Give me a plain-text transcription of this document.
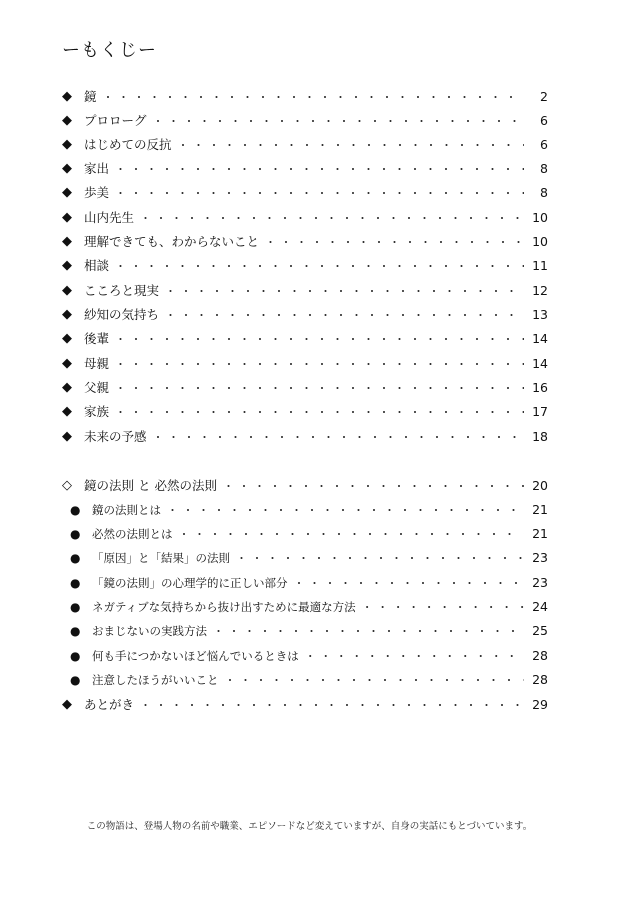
ーもくじー
◆ 鏡 ・・・・・・・・・・・・・・・・・・・・・・・・・・・・・・・・・・・・・・・・・・・・・・・・・・・・・・・・・・・・・・・・	2
◆ プロローグ ・・・・・・・・・・・・・・・・・・・・・・・・・・・・・・・・・・・・・・・・・・・・・・・・・・・・・・・・・・・・・・・・	6
◆ はじめての反抗 ・・・・・・・・・・・・・・・・・・・・・・・・・・・・・・・・・・・・・・・・・・・・・・・・・・・・・・・・・・・・・・・・	6
◆ 家出 ・・・・・・・・・・・・・・・・・・・・・・・・・・・・・・・・・・・・・・・・・・・・・・・・・・・・・・・・・・・・・・・・	8
◆ 歩美 ・・・・・・・・・・・・・・・・・・・・・・・・・・・・・・・・・・・・・・・・・・・・・・・・・・・・・・・・・・・・・・・・	8
◆ 山内先生 ・・・・・・・・・・・・・・・・・・・・・・・・・・・・・・・・・・・・・・・・・・・・・・・・・・・・・・・・・・・・・・・・	10
◆ 理解できても、わからないこと ・・・・・・・・・・・・・・・・・・・・・・・・・・・・・・・・・・・・・・・・・・・・・・・・・・・・・・・・・・・・・・・・	10
◆ 相談 ・・・・・・・・・・・・・・・・・・・・・・・・・・・・・・・・・・・・・・・・・・・・・・・・・・・・・・・・・・・・・・・・	11
◆ こころと現実 ・・・・・・・・・・・・・・・・・・・・・・・・・・・・・・・・・・・・・・・・・・・・・・・・・・・・・・・・・・・・・・・・	12
◆ 紗知の気持ち ・・・・・・・・・・・・・・・・・・・・・・・・・・・・・・・・・・・・・・・・・・・・・・・・・・・・・・・・・・・・・・・・	13
◆ 後輩 ・・・・・・・・・・・・・・・・・・・・・・・・・・・・・・・・・・・・・・・・・・・・・・・・・・・・・・・・・・・・・・・・	14
◆ 母親 ・・・・・・・・・・・・・・・・・・・・・・・・・・・・・・・・・・・・・・・・・・・・・・・・・・・・・・・・・・・・・・・・	14
◆ 父親 ・・・・・・・・・・・・・・・・・・・・・・・・・・・・・・・・・・・・・・・・・・・・・・・・・・・・・・・・・・・・・・・・	16
◆ 家族 ・・・・・・・・・・・・・・・・・・・・・・・・・・・・・・・・・・・・・・・・・・・・・・・・・・・・・・・・・・・・・・・・	17
◆ 未来の予感 ・・・・・・・・・・・・・・・・・・・・・・・・・・・・・・・・・・・・・・・・・・・・・・・・・・・・・・・・・・・・・・・・	18
◇ 鏡の法則 と 必然の法則 ・・・・・・・・・・・・・・・・・・・・・・・・・・・・・・・・・・・・・・・・・・・・・・・・・・・・・・・・・・・・・・・・	20
●	鏡の法則とは ・・・・・・・・・・・・・・・・・・・・・・・・・・・・・・・・・・・・・・・・・・・・・・・・・・・・・・・・・・・・・・・・	21
●	必然の法則とは ・・・・・・・・・・・・・・・・・・・・・・・・・・・・・・・・・・・・・・・・・・・・・・・・・・・・・・・・・・・・・・・・	21
●	「原因」と「結果」の法則 ・・・・・・・・・・・・・・・・・・・・・・・・・・・・・・・・・・・・・・・・・・・・・・・・・・・・・・・・・・・・・・・・	23
●	「鏡の法則」の心理学的に正しい部分 ・・・・・・・・・・・・・・・・・・・・・・・・・・・・・・・・・・・・・・・・・・・・・・・・・・・・・・・・・・・・・・・・	23
●	ネガティブな気持ちから抜け出すために最適な方法 ・・・・・・・・・・・・・・・・・・・・・・・・・・・・・・・・・・・・・・・・・・・・・・・・・・・・・・・・・・・・・・・・	24
●	おまじないの実践方法 ・・・・・・・・・・・・・・・・・・・・・・・・・・・・・・・・・・・・・・・・・・・・・・・・・・・・・・・・・・・・・・・・	25
●	何も手につかないほど悩んでいるときは ・・・・・・・・・・・・・・・・・・・・・・・・・・・・・・・・・・・・・・・・・・・・・・・・・・・・・・・・・・・・・・・・	28
●	注意したほうがいいこと ・・・・・・・・・・・・・・・・・・・・・・・・・・・・・・・・・・・・・・・・・・・・・・・・・・・・・・・・・・・・・・・・	28
◆ あとがき ・・・・・・・・・・・・・・・・・・・・・・・・・・・・・・・・・・・・・・・・・・・・・・・・・・・・・・・・・・・・・・・・	29
この物語は、登場人物の名前や職業、エピソードなど変えていますが、自身の実話にもとづいています。
